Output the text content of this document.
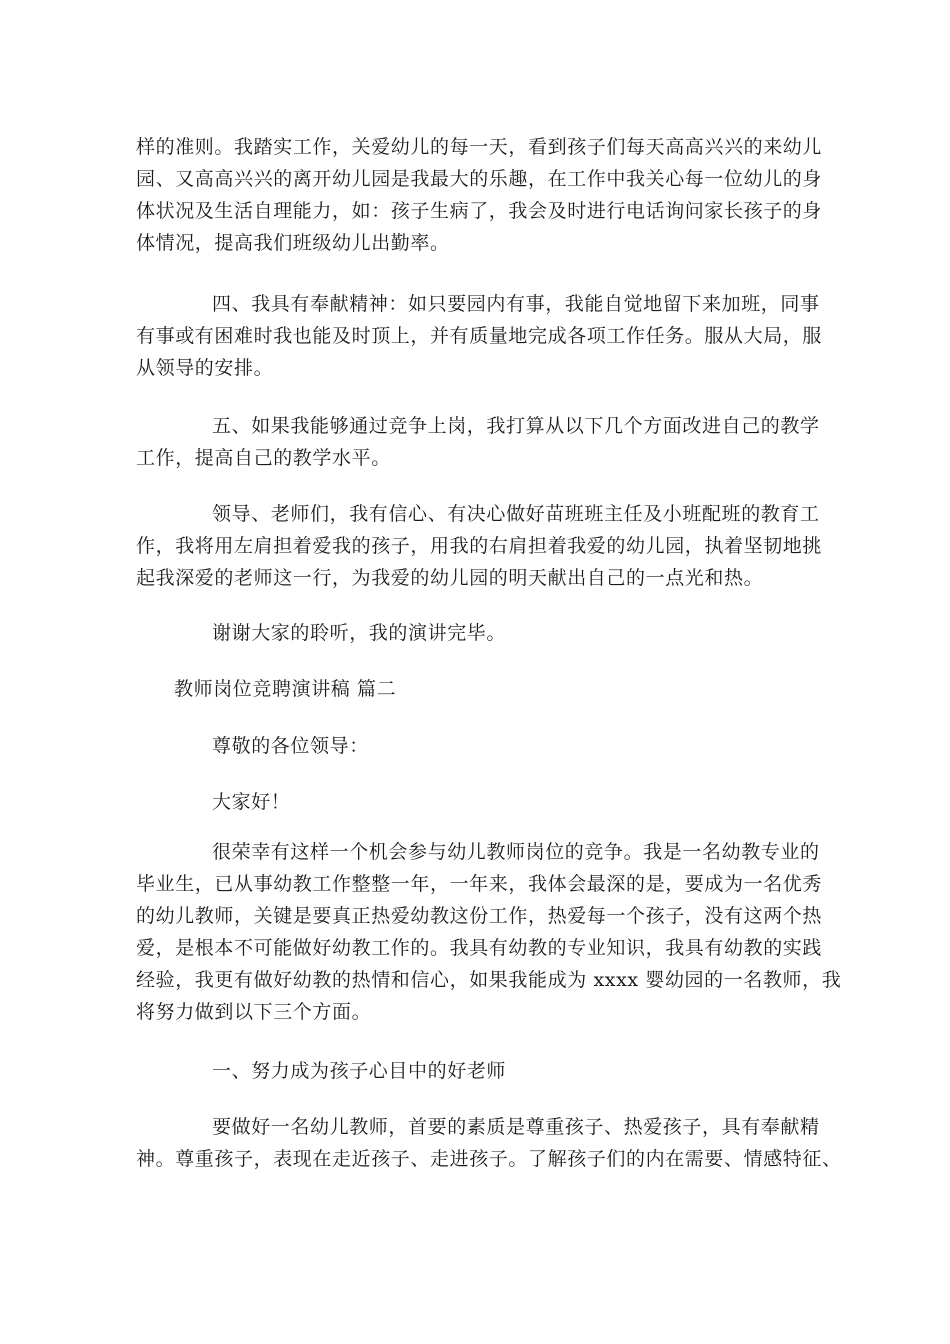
样的准则。我踏实工作，关爱幼儿的每一天，看到孩子们每天高高兴兴的来幼儿
园、又高高兴兴的离开幼儿园是我最大的乐趣，在工作中我关心每一位幼儿的身
体状况及生活自理能力，如：孩子生病了，我会及时进行电话询问家长孩子的身
体情况，提高我们班级幼儿出勤率。
四、我具有奉献精神：如只要园内有事，我能自觉地留下来加班，同事
有事或有困难时我也能及时顶上，并有质量地完成各项工作任务。服从大局，服
从领导的安排。
五、如果我能够通过竞争上岗，我打算从以下几个方面改进自己的教学
工作，提高自己的教学水平。
领导、老师们，我有信心、有决心做好苗班班主任及小班配班的教育工
作，我将用左肩担着爱我的孩子，用我的右肩担着我爱的幼儿园，执着坚韧地挑
起我深爱的老师这一行，为我爱的幼儿园的明天献出自己的一点光和热。
谢谢大家的聆听，我的演讲完毕。
教师岗位竞聘演讲稿 篇二
尊敬的各位领导：
大家好！
很荣幸有这样一个机会参与幼儿教师岗位的竞争。我是一名幼教专业的
毕业生，已从事幼教工作整整一年，一年来，我体会最深的是，要成为一名优秀
的幼儿教师，关键是要真正热爱幼教这份工作，热爱每一个孩子，没有这两个热
爱，是根本不可能做好幼教工作的。我具有幼教的专业知识，我具有幼教的实践
经验，我更有做好幼教的热情和信心，如果我能成为 xxxx 婴幼园的一名教师，我
将努力做到以下三个方面。
一、努力成为孩子心目中的好老师
要做好一名幼儿教师，首要的素质是尊重孩子、热爱孩子，具有奉献精
神。尊重孩子，表现在走近孩子、走进孩子。了解孩子们的内在需要、情感特征、
